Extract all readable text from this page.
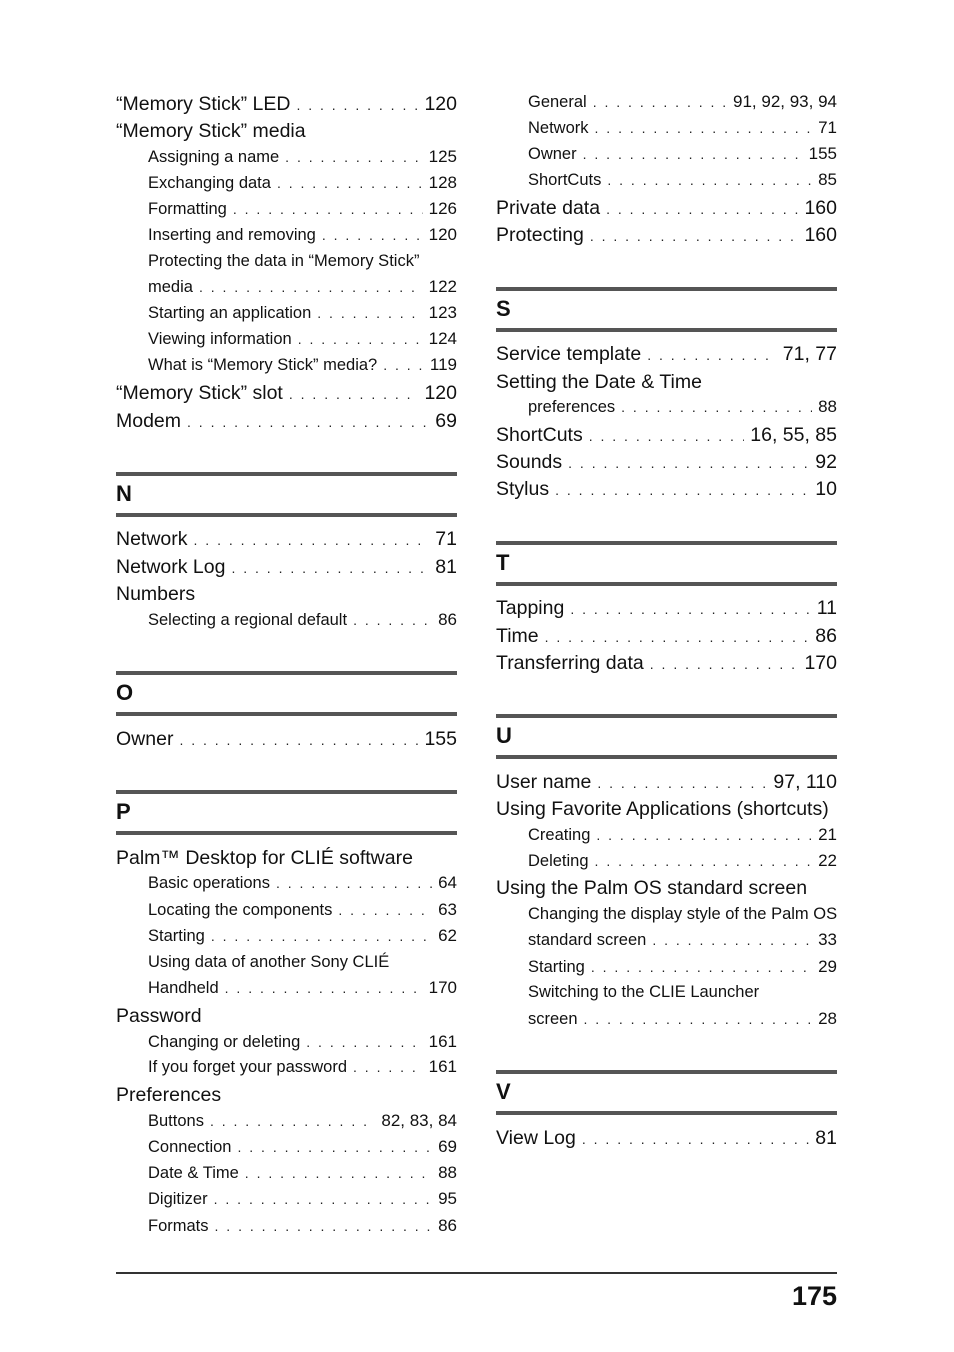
“Memory Stick” LED . . .	120
“Memory Stick” media
Assigning a name . . .	125
Exchanging data . . .	128
Formatting . . .	126
Inserting and removing . . .	120
Protecting the data in “Memory Stick”
media . . .	122
Starting an application . . .	123
Viewing information . . .	124
What is “Memory Stick” media? . . .	119
“Memory Stick” slot . . .	120
Modem . . .	69
N
Network . . .	71
Network Log . . .	81
Numbers
Selecting a regional default . . .	86
O
Owner . . .	155
P
Palm™ Desktop for CLIÉ software
Basic operations . . .	64
Locating the components . . .	63
Starting . . .	62
Using data of another Sony CLIÉ
Handheld . . .	170
Password
Changing or deleting . . .	161
If you forget your password . . .	161
Preferences
Buttons . . .	82, 83, 84
Connection . . .	69
Date & Time . . .	88
Digitizer . . .	95
Formats . . .	86
General . . .	91, 92, 93, 94
Network . . .	71
Owner . . .	155
ShortCuts . . .	85
Private data . . .	160
Protecting . . .	160
S
Service template . . .	71, 77
Setting the Date & Time
preferences . . .	88
ShortCuts . . .	16, 55, 85
Sounds . . .	92
Stylus . . .	10
T
Tapping . . .	11
Time . . .	86
Transferring data . . .	170
U
User name . . .	97, 110
Using Favorite Applications (shortcuts)
Creating . . .	21
Deleting . . .	22
Using the Palm OS standard screen
Changing the display style of the Palm OS
standard screen . . .	33
Starting . . .	29
Switching to the CLIE Launcher
screen . . .	28
V
View Log . . .	81
175
